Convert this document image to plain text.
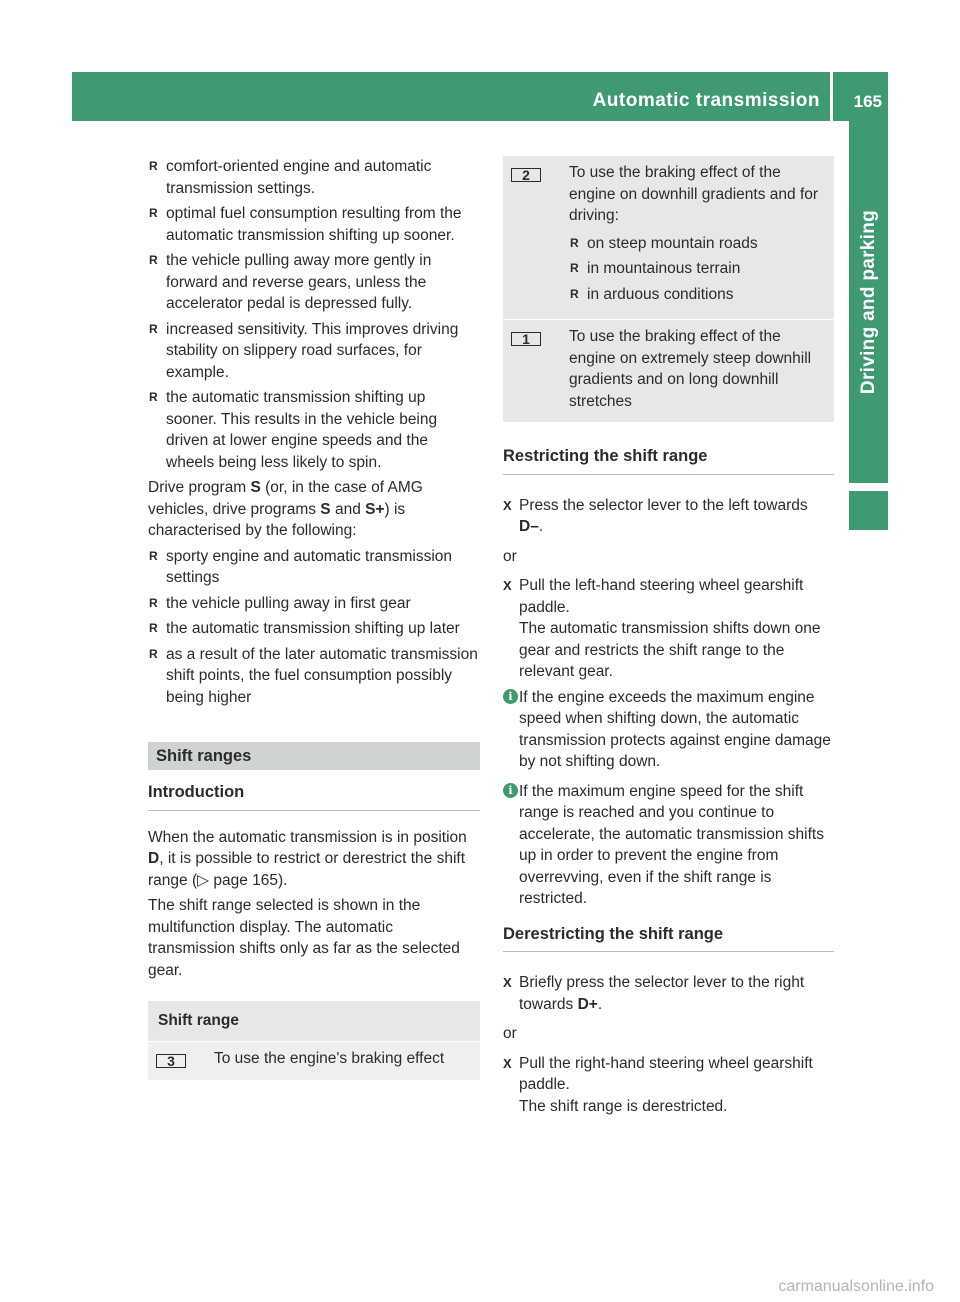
Automatic transmission 165
Driving and parking
R comfort-oriented engine and automatic transmission settings.
R optimal fuel consumption resulting from the automatic transmission shifting up sooner.
R the vehicle pulling away more gently in forward and reverse gears, unless the accelerator pedal is depressed fully.
R increased sensitivity. This improves driving stability on slippery road surfaces, for example.
R the automatic transmission shifting up sooner. This results in the vehicle being driven at lower engine speeds and the wheels being less likely to spin.

Drive program S (or, in the case of AMG vehicles, drive programs S and S+) is characterised by the following:

R sporty engine and automatic transmission settings
R the vehicle pulling away in first gear
R the automatic transmission shifting up later
R as a result of the later automatic transmission shift points, the fuel consumption possibly being higher
Shift ranges
Introduction

When the automatic transmission is in position D, it is possible to restrict or derestrict the shift range (▷ page 165).

The shift range selected is shown in the multifunction display. The automatic transmission shifts only as far as the selected gear.

Shift range
3	To use the engine's braking effect
2	To use the braking effect of the engine on downhill gradients and for driving:
R on steep mountain roads
R in mountainous terrain
R in arduous conditions
1	To use the braking effect of the engine on extremely steep downhill gradients and on long downhill stretches
Restricting the shift range
X Press the selector lever to the left towards D–.

or

X Pull the left-hand steering wheel gearshift paddle.
The automatic transmission shifts down one gear and restricts the shift range to the relevant gear.
i If the engine exceeds the maximum engine speed when shifting down, the automatic transmission protects against engine damage by not shifting down.
i If the maximum engine speed for the shift range is reached and you continue to accelerate, the automatic transmission shifts up in order to prevent the engine from overrevving, even if the shift range is restricted.
Derestricting the shift range
X Briefly press the selector lever to the right towards D+.

or

X Pull the right-hand steering wheel gearshift paddle.
The shift range is derestricted.
carmanualsonline.info
